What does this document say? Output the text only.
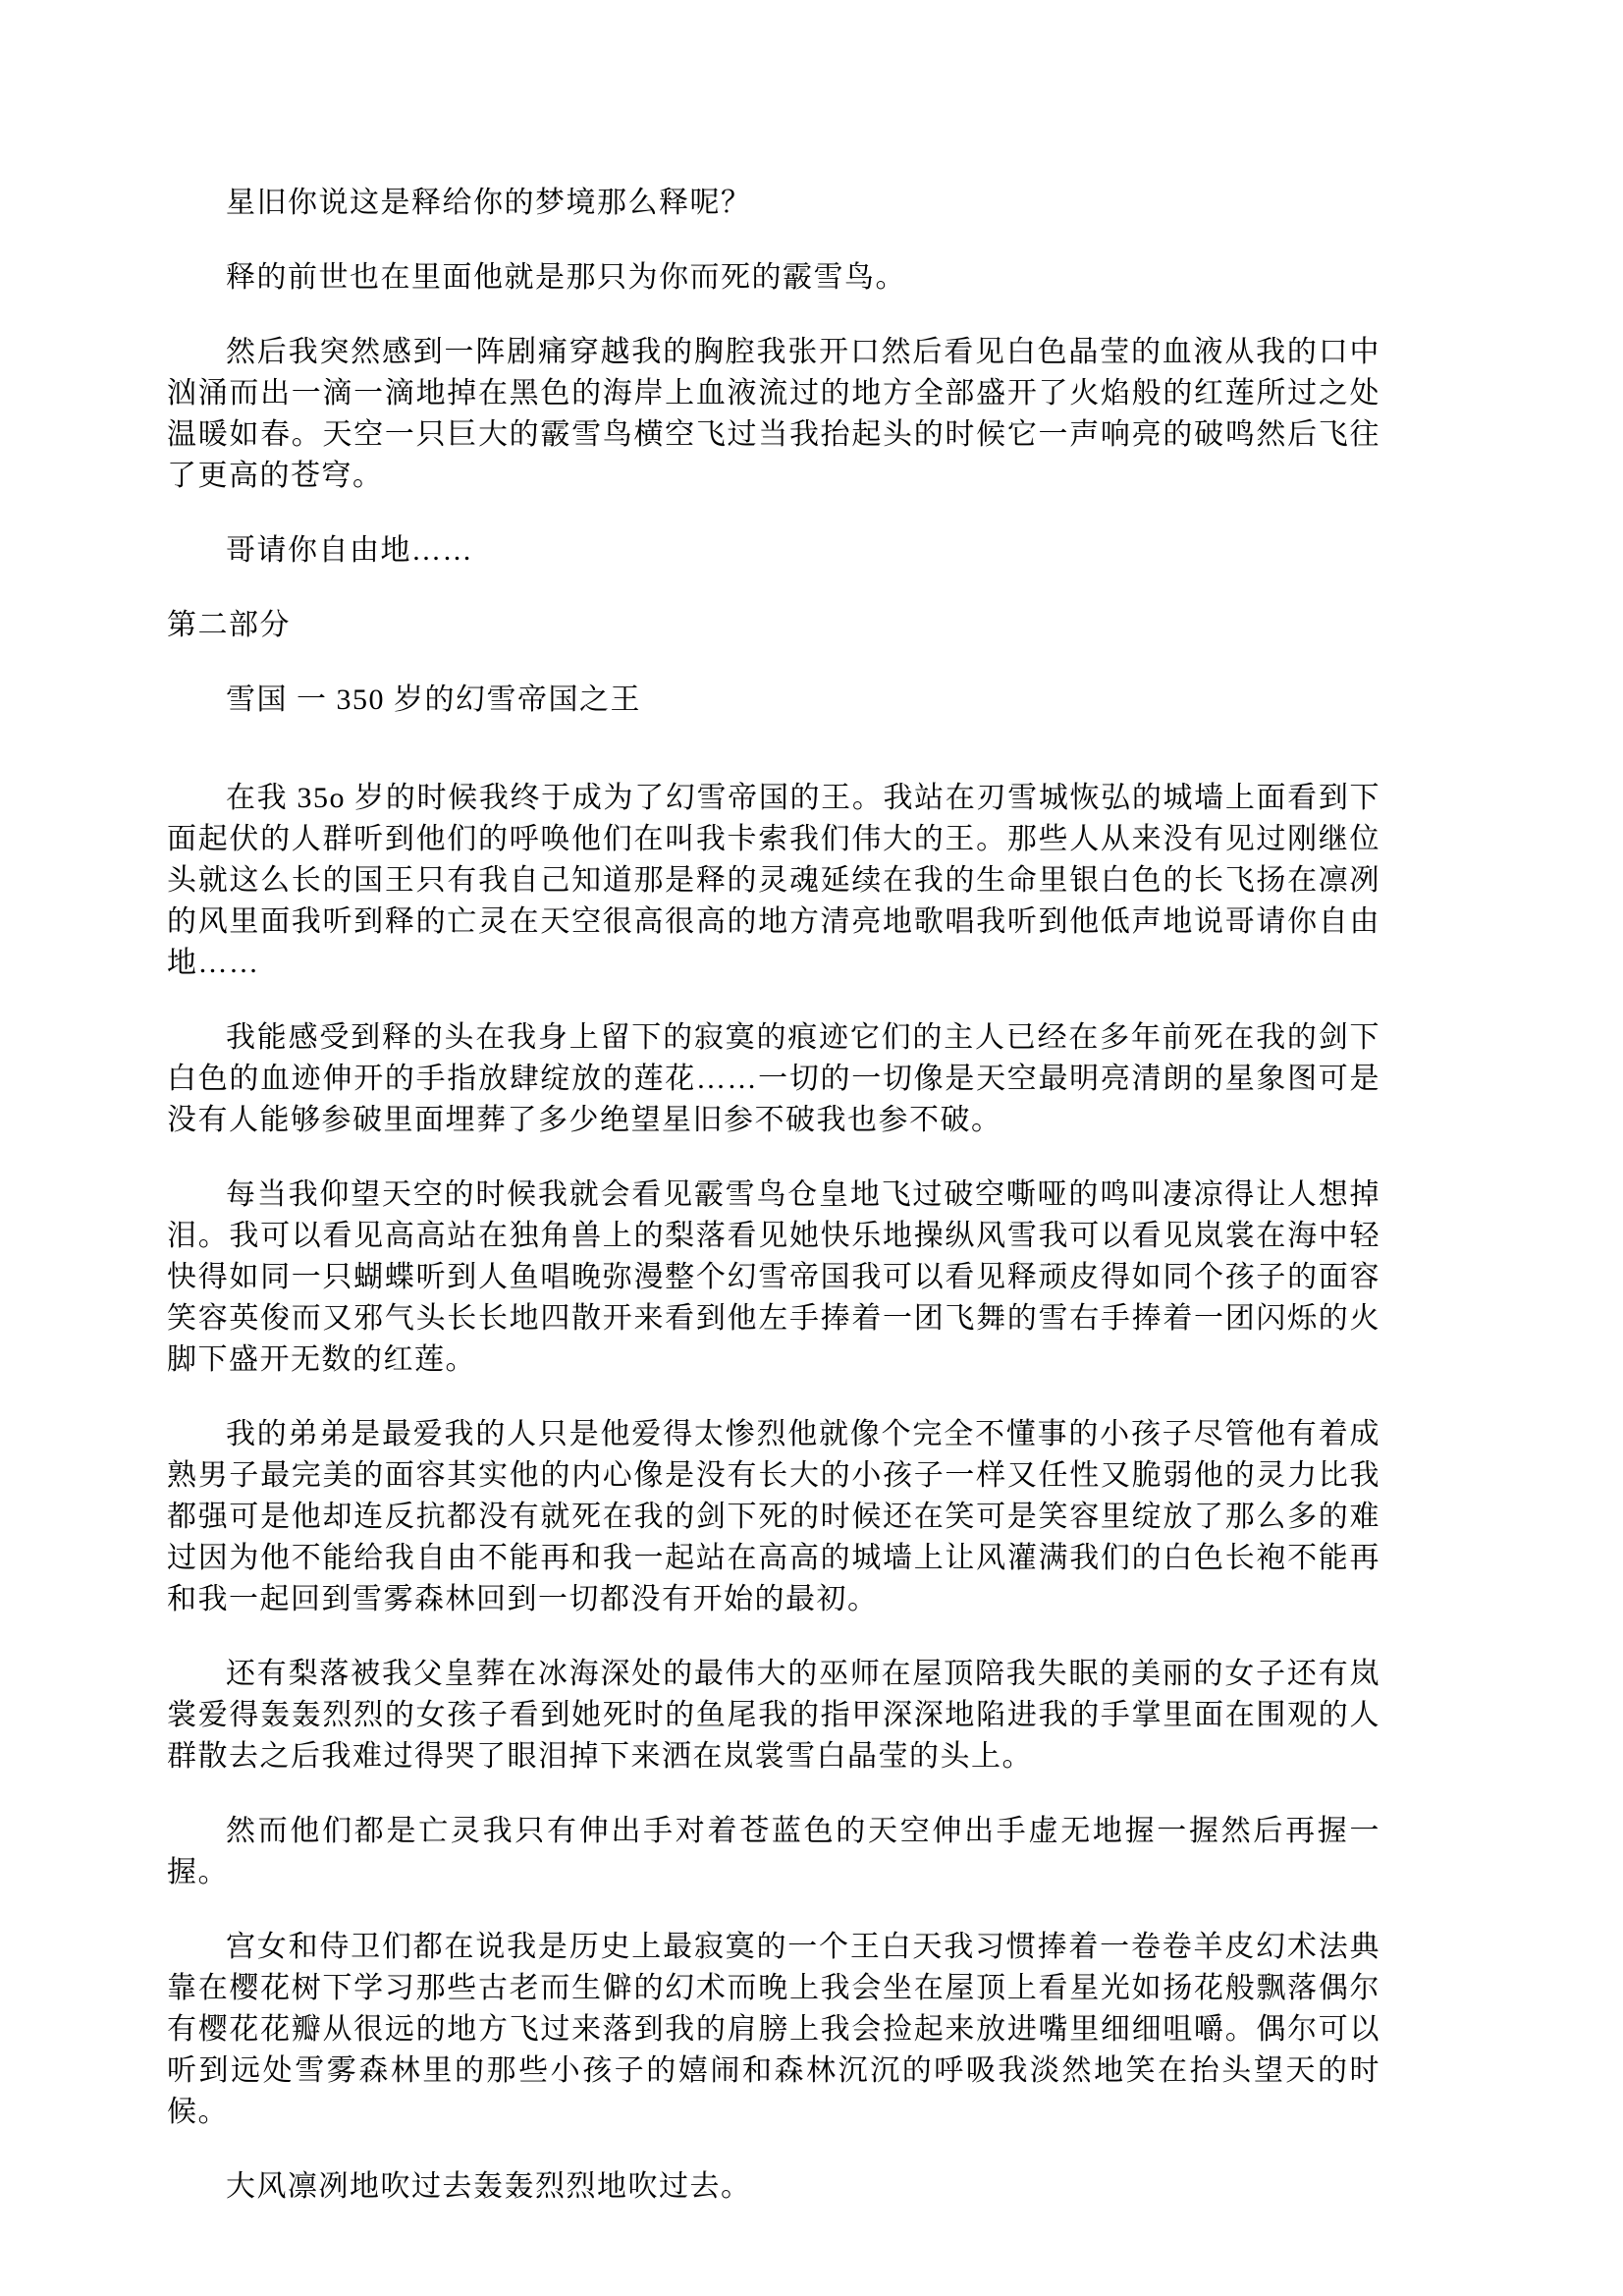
星旧你说这是释给你的梦境那么释呢？

释的前世也在里面他就是那只为你而死的霰雪鸟。

然后我突然感到一阵剧痛穿越我的胸腔我张开口然后看见白色晶莹的血液从我的口中汹涌而出一滴一滴地掉在黑色的海岸上血液流过的地方全部盛开了火焰般的红莲所过之处温暖如春。天空一只巨大的霰雪鸟横空飞过当我抬起头的时候它一声响亮的破鸣然后飞往了更高的苍穹。

哥请你自由地……

第二部分

雪国 一 350 岁的幻雪帝国之王

在我 35o 岁的时候我终于成为了幻雪帝国的王。我站在刃雪城恢弘的城墙上面看到下面起伏的人群听到他们的呼唤他们在叫我卡索我们伟大的王。那些人从来没有见过刚继位头就这么长的国王只有我自己知道那是释的灵魂延续在我的生命里银白色的长飞扬在凛冽的风里面我听到释的亡灵在天空很高很高的地方清亮地歌唱我听到他低声地说哥请你自由地……

我能感受到释的头在我身上留下的寂寞的痕迹它们的主人已经在多年前死在我的剑下白色的血迹伸开的手指放肆绽放的莲花……一切的一切像是天空最明亮清朗的星象图可是没有人能够参破里面埋葬了多少绝望星旧参不破我也参不破。

每当我仰望天空的时候我就会看见霰雪鸟仓皇地飞过破空嘶哑的鸣叫凄凉得让人想掉泪。我可以看见高高站在独角兽上的梨落看见她快乐地操纵风雪我可以看见岚裳在海中轻快得如同一只蝴蝶听到人鱼唱晚弥漫整个幻雪帝国我可以看见释顽皮得如同个孩子的面容笑容英俊而又邪气头长长地四散开来看到他左手捧着一团飞舞的雪右手捧着一团闪烁的火脚下盛开无数的红莲。

我的弟弟是最爱我的人只是他爱得太惨烈他就像个完全不懂事的小孩子尽管他有着成熟男子最完美的面容其实他的内心像是没有长大的小孩子一样又任性又脆弱他的灵力比我都强可是他却连反抗都没有就死在我的剑下死的时候还在笑可是笑容里绽放了那么多的难过因为他不能给我自由不能再和我一起站在高高的城墙上让风灌满我们的白色长袍不能再和我一起回到雪雾森林回到一切都没有开始的最初。

还有梨落被我父皇葬在冰海深处的最伟大的巫师在屋顶陪我失眠的美丽的女子还有岚裳爱得轰轰烈烈的女孩子看到她死时的鱼尾我的指甲深深地陷进我的手掌里面在围观的人群散去之后我难过得哭了眼泪掉下来洒在岚裳雪白晶莹的头上。

然而他们都是亡灵我只有伸出手对着苍蓝色的天空伸出手虚无地握一握然后再握一握。

宫女和侍卫们都在说我是历史上最寂寞的一个王白天我习惯捧着一卷卷羊皮幻术法典靠在樱花树下学习那些古老而生僻的幻术而晚上我会坐在屋顶上看星光如扬花般飘落偶尔有樱花花瓣从很远的地方飞过来落到我的肩膀上我会捡起来放进嘴里细细咀嚼。偶尔可以听到远处雪雾森林里的那些小孩子的嬉闹和森林沉沉的呼吸我淡然地笑在抬头望天的时候。

大风凛冽地吹过去轰轰烈烈地吹过去。
